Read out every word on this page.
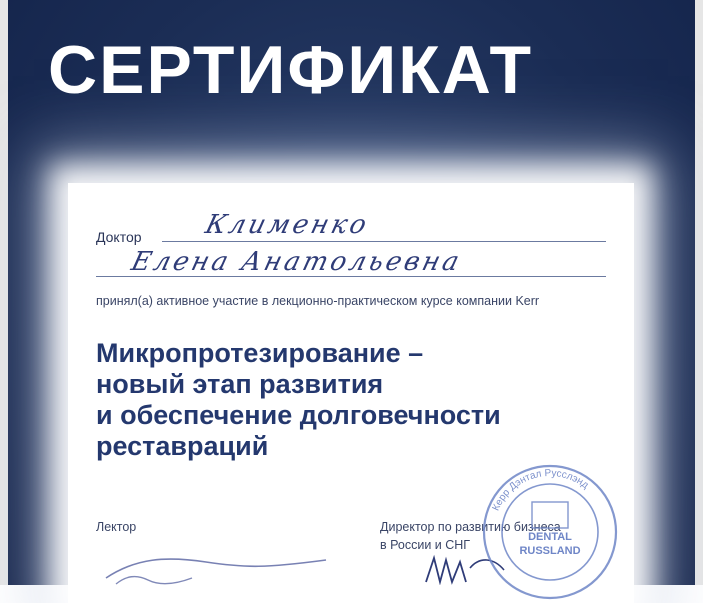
СЕРТИФИКАТ
Доктор Клименко
Елена Анатольевна
принял(а) активное участие в лекционно-практическом курсе компании Kerr
Микропротезирование –
новый этап развития
и обеспечение долговечности
реставраций
Лектор	Директор по развитию бизнеса
в России и СНГ
Керр Дэнтал Русслэнд
DENTAL
RUSSLAND
